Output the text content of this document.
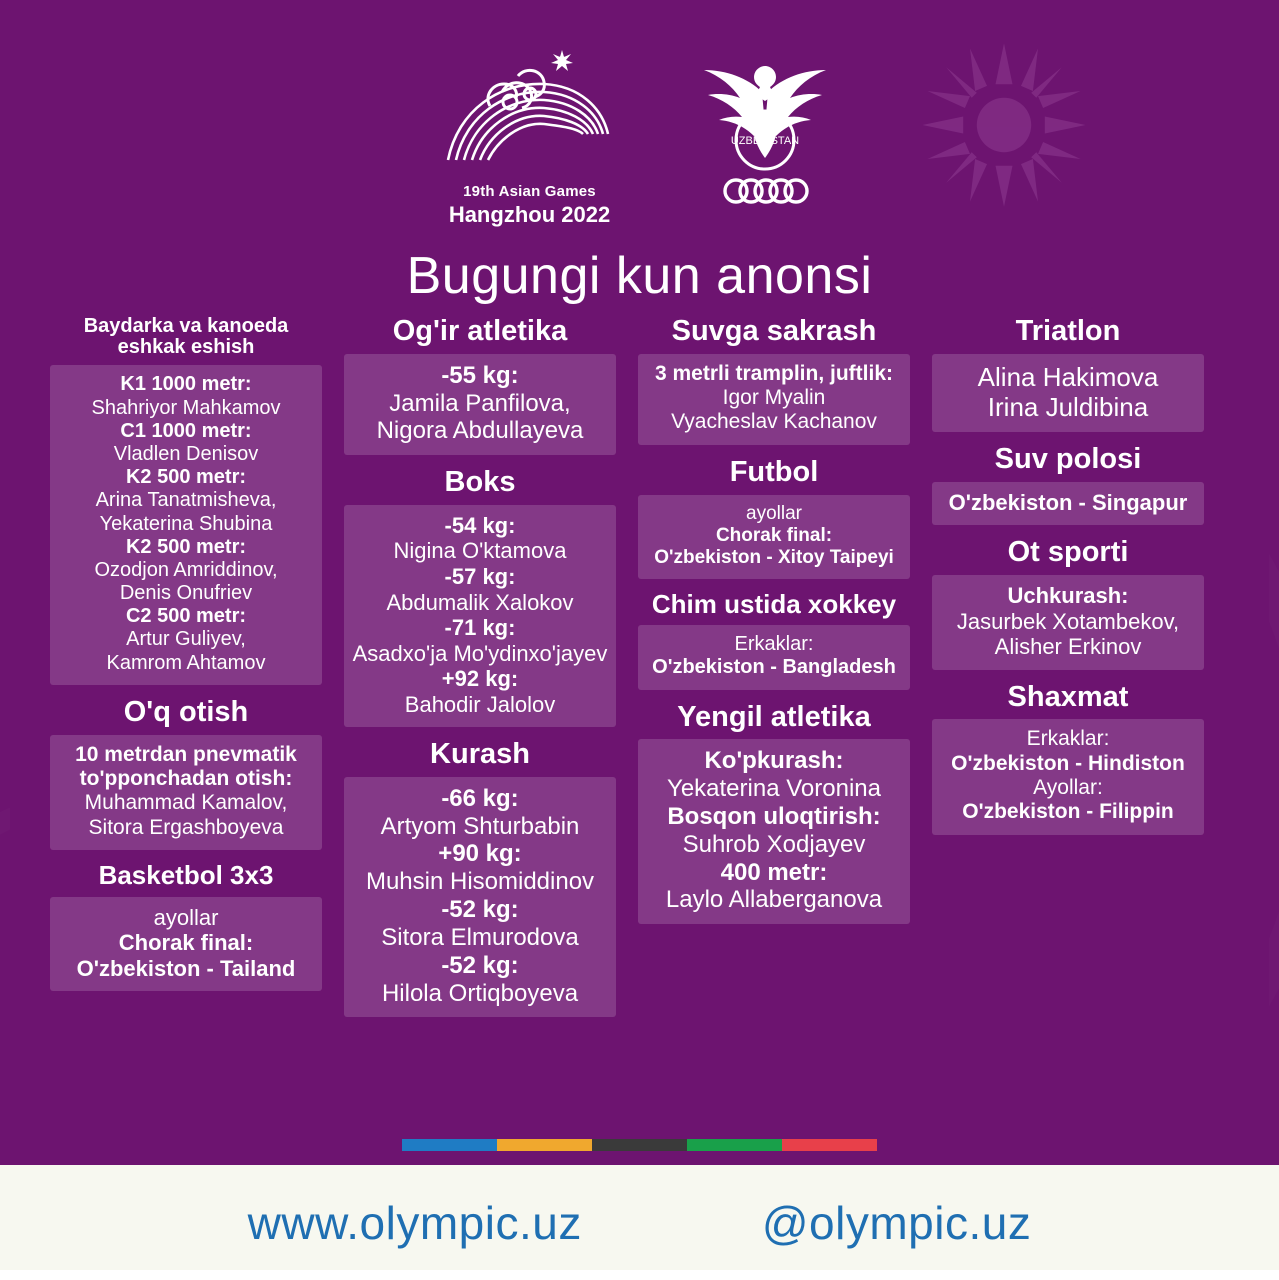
19th Asian Games
Hangzhou 2022
UZBEKISTAN
Bugungi kun anonsi
Baydarka va kanoeda
eshkak eshish
K1 1000 metr:
Shahriyor Mahkamov
C1 1000 metr:
Vladlen Denisov
K2 500 metr:
Arina Tanatmisheva,
Yekaterina Shubina
K2 500 metr:
Ozodjon Amriddinov,
Denis Onufriev
C2 500 metr:
Artur Guliyev,
Kamrom Ahtamov
O'q otish
10 metrdan pnevmatik
to'pponchadan otish:
Muhammad Kamalov,
Sitora Ergashboyeva
Basketbol 3x3
ayollar
Chorak final:
O'zbekiston - Tailand
Og'ir atletika
-55 kg:
Jamila Panfilova,
Nigora Abdullayeva
Boks
-54 kg:
Nigina O'ktamova
-57 kg:
Abdumalik Xalokov
-71 kg:
Asadxo'ja Mo'ydinxo'jayev
+92 kg:
Bahodir Jalolov
Kurash
-66 kg:
Artyom Shturbabin
+90 kg:
Muhsin Hisomiddinov
-52 kg:
Sitora Elmurodova
-52 kg:
Hilola Ortiqboyeva
Suvga sakrash
3 metrli tramplin, juftlik:
Igor Myalin
Vyacheslav Kachanov
Futbol
ayollar
Chorak final:
O'zbekiston - Xitoy Taipeyi
Chim ustida xokkey
Erkaklar:
O'zbekiston - Bangladesh
Yengil atletika
Ko'pkurash:
Yekaterina Voronina
Bosqon uloqtirish:
Suhrob Xodjayev
400 metr:
Laylo Allaberganova
Triatlon
Alina Hakimova
Irina Juldibina
Suv polosi
O'zbekiston - Singapur
Ot sporti
Uchkurash:
Jasurbek Xotambekov,
Alisher Erkinov
Shaxmat
Erkaklar:
O'zbekiston - Hindiston
Ayollar:
O'zbekiston - Filippin
www.olympic.uz	@olympic.uz
